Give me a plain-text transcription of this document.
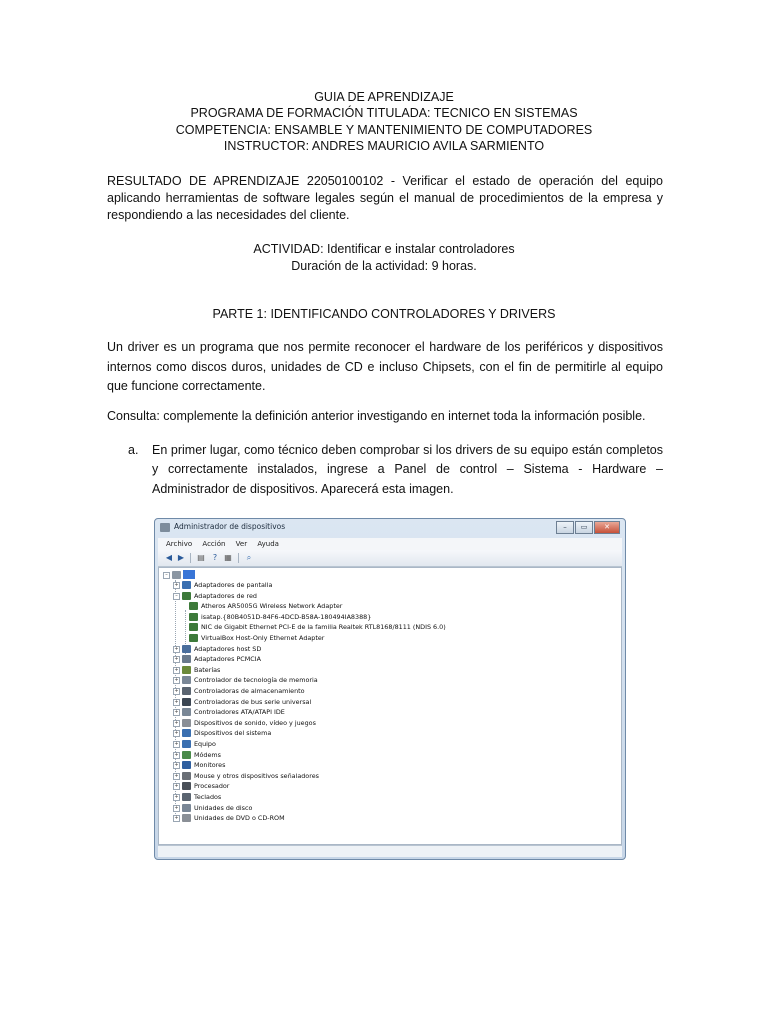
GUIA DE APRENDIZAJE
PROGRAMA DE FORMACIÓN TITULADA: TECNICO EN SISTEMAS
COMPETENCIA: ENSAMBLE Y MANTENIMIENTO DE COMPUTADORES
INSTRUCTOR: ANDRES MAURICIO AVILA SARMIENTO
RESULTADO DE APRENDIZAJE 22050100102 - Verificar el estado de operación del equipo aplicando herramientas de software legales según el manual de procedimientos de la empresa y respondiendo a las necesidades del cliente.
ACTIVIDAD: Identificar e instalar controladores
Duración de la actividad: 9 horas.
PARTE 1: IDENTIFICANDO CONTROLADORES Y DRIVERS
Un driver es un programa que nos permite reconocer el hardware de los periféricos y dispositivos internos como discos duros, unidades de CD e incluso Chipsets, con el fin de permitirle al equipo que funcione correctamente.
Consulta: complemente la definición anterior investigando en internet toda la información posible.
a. En primer lugar, como técnico deben comprobar si los drivers de su equipo están completos y correctamente instalados, ingrese a Panel de control – Sistema - Hardware – Administrador de dispositivos. Aparecerá esta imagen.
Administrador de dispositivos	–	▭	✕
Archivo Acción Ver Ayuda
◀ ▶ ▤	? ▦	⌕
–
+ Adaptadores de pantalla
–	Adaptadores de red
Atheros AR5005G Wireless Network Adapter
isatap.{80B4051D-84F6-4DCD-B58A-180494IA8388}
NIC de Gigabit Ethernet PCI-E de la familia Realtek RTL8168/8111 (NDIS 6.0)
VirtualBox Host-Only Ethernet Adapter
+ Adaptadores host SD
+ Adaptadores PCMCIA
+ Baterías
+ Controlador de tecnología de memoria
+ Controladoras de almacenamiento
+ Controladoras de bus serie universal
+ Controladores ATA/ATAPI IDE
+ Dispositivos de sonido, vídeo y juegos
+ Dispositivos del sistema
+ Equipo
+ Módems
+ Monitores
+ Mouse y otros dispositivos señaladores
+ Procesador
+ Teclados
+ Unidades de disco
+ Unidades de DVD o CD-ROM
